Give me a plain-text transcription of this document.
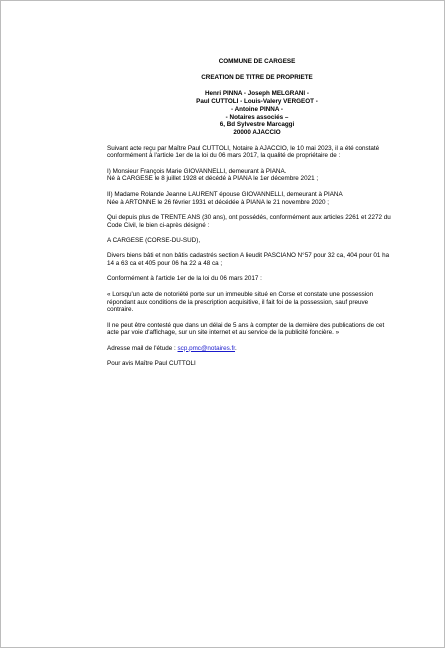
COMMUNE DE CARGESE
CREATION DE TITRE DE PROPRIETE
Henri PINNA - Joseph MELGRANI -
Paul CUTTOLI - Louis-Valery VERGEOT -
- Antoine PINNA -
- Notaires associés –
6, Bd Sylvestre Marcaggi
20000 AJACCIO
Suivant acte reçu par Maître Paul CUTTOLI, Notaire à AJACCIO, le 10 mai 2023, il a été constaté
conformément à l'article 1er de la loi du 06 mars 2017, la qualité de propriétaire de :
I) Monsieur François Marie GIOVANNELLI, demeurant à PIANA.
Né à CARGESE le 8 juillet 1928 et décédé à PIANA le 1er décembre 2021 ;
II) Madame Rolande Jeanne LAURENT épouse GIOVANNELLI, demeurant à PIANA
Née à ARTONNE le 26 février 1931 et décédée à PIANA le 21 novembre 2020 ;
Qui depuis plus de TRENTE ANS (30 ans), ont possédés, conformément aux articles 2261 et 2272 du
Code Civil, le bien ci-après désigné :
A CARGESE (CORSE-DU-SUD),
Divers biens bâti et non bâtis cadastrés section A lieudit PASCIANO N°57 pour 32 ca, 404 pour 01 ha
14 a 63 ca et 405 pour 06 ha 22 a 48 ca ;
Conformément à l'article 1er de la loi du 06 mars 2017 :
« Lorsqu'un acte de notoriété porte sur un immeuble situé en Corse et constate une possession
répondant aux conditions de la prescription acquisitive, il fait foi de la possession, sauf preuve
contraire.
Il ne peut être contesté que dans un délai de 5 ans à compter de la dernière des publications de cet
acte par voie d'affichage, sur un site internet et au service de la publicité foncière. »
Adresse mail de l'étude : scp.pmc@notaires.fr.
Pour avis Maître Paul CUTTOLI
